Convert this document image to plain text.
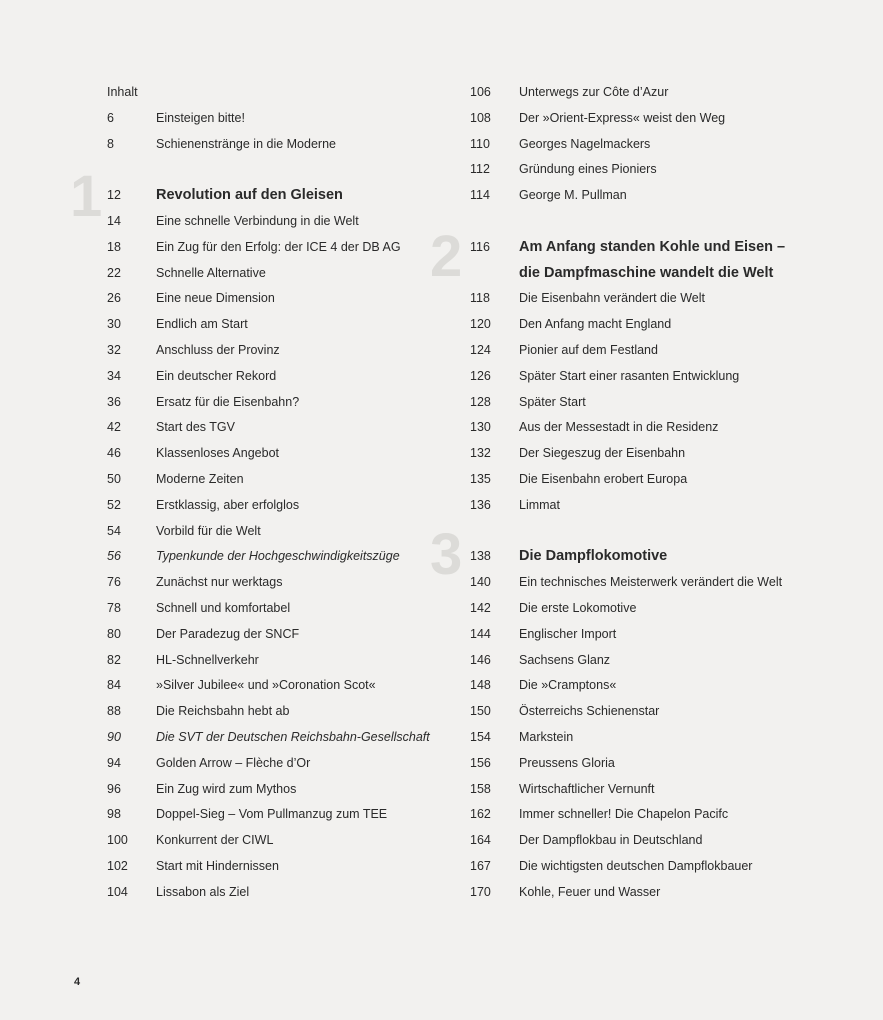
1
2
3
Inhalt
6	Einsteigen bitte!
8	Schienenstränge in die Moderne
12	Revolution auf den Gleisen
14	Eine schnelle Verbindung in die Welt
18	Ein Zug für den Erfolg: der ICE 4 der DB AG
22	Schnelle Alternative
26	Eine neue Dimension
30	Endlich am Start
32	Anschluss der Provinz
34	Ein deutscher Rekord
36	Ersatz für die Eisenbahn?
42	Start des TGV
46	Klassenloses Angebot
50	Moderne Zeiten
52	Erstklassig, aber erfolglos
54	Vorbild für die Welt
56	Typenkunde der Hochgeschwindigkeitszüge
76	Zunächst nur werktags
78	Schnell und komfortabel
80	Der Paradezug der SNCF
82	HL-Schnellverkehr
84	»Silver Jubilee« und »Coronation Scot«
88	Die Reichsbahn hebt ab
90	Die SVT der Deutschen Reichsbahn-Gesellschaft
94	Golden Arrow – Flèche d’Or
96	Ein Zug wird zum Mythos
98	Doppel-Sieg – Vom Pullmanzug zum TEE
100	Konkurrent der CIWL
102	Start mit Hindernissen
104	Lissabon als Ziel
106	Unterwegs zur Côte d’Azur
108	Der »Orient-Express« weist den Weg
110	Georges Nagelmackers
112	Gründung eines Pioniers
114	George M. Pullman
116	Am Anfang standen Kohle und Eisen –
die Dampfmaschine wandelt die Welt
118	Die Eisenbahn verändert die Welt
120	Den Anfang macht England
124	Pionier auf dem Festland
126	Später Start einer rasanten Entwicklung
128	Später Start
130	Aus der Messestadt in die Residenz
132	Der Siegeszug der Eisenbahn
135	Die Eisenbahn erobert Europa
136	Limmat
138	Die Dampflokomotive
140	Ein technisches Meisterwerk verändert die Welt
142	Die erste Lokomotive
144	Englischer Import
146	Sachsens Glanz
148	Die »Cramptons«
150	Österreichs Schienenstar
154	Markstein
156	Preussens Gloria
158	Wirtschaftlicher Vernunft
162	Immer schneller! Die Chapelon Pacifc
164	Der Dampflokbau in Deutschland
167	Die wichtigsten deutschen Dampflokbauer
170	Kohle, Feuer und Wasser
4
